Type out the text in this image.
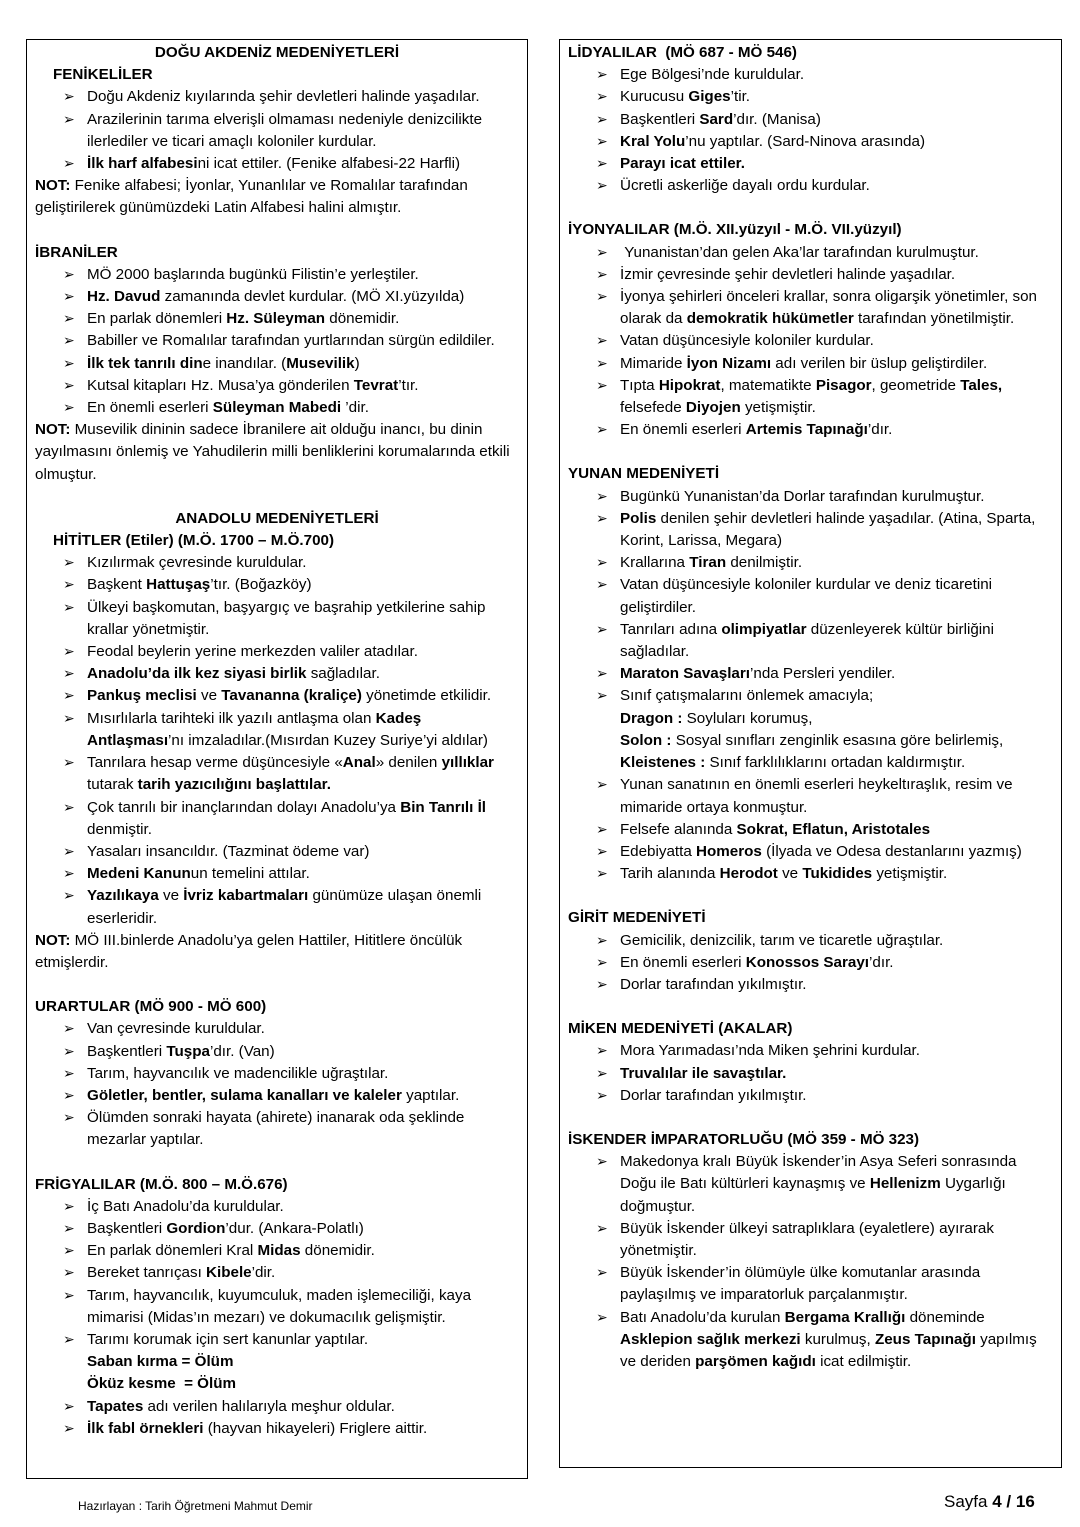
DOĞU AKDENİZ MEDENİYETLERİ
FENİKELİLER
➢ Doğu Akdeniz kıyılarında şehir devletleri halinde yaşadılar.
➢ Arazilerinin tarıma elverişli olmaması nedeniyle denizcilikte ilerlediler ve ticari amaçlı koloniler kurdular.
➢ İlk harf alfabesini icat ettiler. (Fenike alfabesi-22 Harfli)
NOT: Fenike alfabesi; İyonlar, Yunanlılar ve Romalılar tarafından geliştirilerek günümüzdeki Latin Alfabesi halini almıştır.
İBRANİLER
➢ MÖ 2000 başlarında bugünkü Filistin’e yerleştiler.
➢ Hz. Davud zamanında devlet kurdular. (MÖ XI.yüzyılda)
➢ En parlak dönemleri Hz. Süleyman dönemidir.
➢ Babiller ve Romalılar tarafından yurtlarından sürgün edildiler.
➢ İlk tek tanrılı dine inandılar. (Musevilik)
➢ Kutsal kitapları Hz. Musa’ya gönderilen Tevrat’tır.
➢ En önemli eserleri Süleyman Mabedi ’dir.
NOT: Musevilik dininin sadece İbranilere ait olduğu inancı, bu dinin yayılmasını önlemiş ve Yahudilerin milli benliklerini korumalarında etkili olmuştur.
ANADOLU MEDENİYETLERİ
HİTİTLER (Etiler) (M.Ö. 1700 – M.Ö.700)
➢ Kızılırmak çevresinde kuruldular.
➢ Başkent Hattuşaş’tır. (Boğazköy)
➢ Ülkeyi başkomutan, başyargıç ve başrahip yetkilerine sahip krallar yönetmiştir.
➢ Feodal beylerin yerine merkezden valiler atadılar.
➢ Anadolu’da ilk kez siyasi birlik sağladılar.
➢ Pankuş meclisi ve Tavananna (kraliçe) yönetimde etkilidir.
➢ Mısırlılarla tarihteki ilk yazılı antlaşma olan Kadeş Antlaşması’nı imzaladılar.(Mısırdan Kuzey Suriye’yi aldılar)
➢ Tanrılara hesap verme düşüncesiyle «Anal» denilen yıllıklar tutarak tarih yazıcılığını başlattılar.
➢ Çok tanrılı bir inançlarından dolayı Anadolu’ya Bin Tanrılı İl denmiştir.
➢ Yasaları insancıldır. (Tazminat ödeme var)
➢ Medeni Kanunun temelini attılar.
➢ Yazılıkaya ve İvriz kabartmaları günümüze ulaşan önemli eserleridir.
NOT: MÖ III.binlerde Anadolu’ya gelen Hattiler, Hititlere öncülük etmişlerdir.
URARTULAR (MÖ 900 - MÖ 600)
➢ Van çevresinde kuruldular.
➢ Başkentleri Tuşpa’dır. (Van)
➢ Tarım, hayvancılık ve madencilikle uğraştılar.
➢ Göletler, bentler, sulama kanalları ve kaleler yaptılar.
➢ Ölümden sonraki hayata (ahirete) inanarak oda şeklinde mezarlar yaptılar.
FRİGYALILAR (M.Ö. 800 – M.Ö.676)
➢ İç Batı Anadolu’da kuruldular.
➢ Başkentleri Gordion’dur. (Ankara-Polatlı)
➢ En parlak dönemleri Kral Midas dönemidir.
➢ Bereket tanrıçası Kibele’dir.
➢ Tarım, hayvancılık, kuyumculuk, maden işlemeciliği, kaya mimarisi (Midas’ın mezarı) ve dokumacılık gelişmiştir.
➢ Tarımı korumak için sert kanunlar yaptılar.
Saban kırma = Ölüm
Öküz kesme  = Ölüm
➢ Tapates adı verilen halılarıyla meşhur oldular.
➢ İlk fabl örnekleri (hayvan hikayeleri) Friglere aittir.
LİDYALILAR  (MÖ 687 - MÖ 546)
➢ Ege Bölgesi’nde kuruldular.
➢ Kurucusu Giges’tir.
➢ Başkentleri Sard’dır. (Manisa)
➢ Kral Yolu’nu yaptılar. (Sard-Ninova arasında)
➢ Parayı icat ettiler.
➢ Ücretli askerliğe dayalı ordu kurdular.
İYONYALILAR (M.Ö. XII.yüzyıl - M.Ö. VII.yüzyıl)
➢  Yunanistan’dan gelen Aka’lar tarafından kurulmuştur.
➢ İzmir çevresinde şehir devletleri halinde yaşadılar.
➢ İyonya şehirleri önceleri krallar, sonra oligarşik yönetimler, son olarak da demokratik hükümetler tarafından yönetilmiştir.
➢ Vatan düşüncesiyle koloniler kurdular.
➢ Mimaride İyon Nizamı adı verilen bir üslup geliştirdiler.
➢ Tıpta Hipokrat, matematikte Pisagor, geometride Tales, felsefede Diyojen yetişmiştir.
➢ En önemli eserleri Artemis Tapınağı’dır.
YUNAN MEDENİYETİ
➢ Bugünkü Yunanistan’da Dorlar tarafından kurulmuştur.
➢ Polis denilen şehir devletleri halinde yaşadılar. (Atina, Sparta, Korint, Larissa, Megara)
➢ Krallarına Tiran denilmiştir.
➢ Vatan düşüncesiyle koloniler kurdular ve deniz ticaretini geliştirdiler.
➢ Tanrıları adına olimpiyatlar düzenleyerek kültür birliğini sağladılar.
➢ Maraton Savaşları’nda Persleri yendiler.
➢ Sınıf çatışmalarını önlemek amacıyla;
Dragon : Soyluları korumuş,
Solon : Sosyal sınıfları zenginlik esasına göre belirlemiş,
Kleistenes : Sınıf farklılıklarını ortadan kaldırmıştır.
➢ Yunan sanatının en önemli eserleri heykeltıraşlık, resim ve mimaride ortaya konmuştur.
➢ Felsefe alanında Sokrat, Eflatun, Aristotales
➢ Edebiyatta Homeros (İlyada ve Odesa destanlarını yazmış)
➢ Tarih alanında Herodot ve Tukidides yetişmiştir.
GİRİT MEDENİYETİ
➢ Gemicilik, denizcilik, tarım ve ticaretle uğraştılar.
➢ En önemli eserleri Konossos Sarayı’dır.
➢ Dorlar tarafından yıkılmıştır.
MİKEN MEDENİYETİ (AKALAR)
➢ Mora Yarımadası’nda Miken şehrini kurdular.
➢ Truvalılar ile savaştılar.
➢ Dorlar tarafından yıkılmıştır.
İSKENDER İMPARATORLUĞU (MÖ 359 - MÖ 323)
➢ Makedonya kralı Büyük İskender’in Asya Seferi sonrasında Doğu ile Batı kültürleri kaynaşmış ve Hellenizm Uygarlığı doğmuştur.
➢ Büyük İskender ülkeyi satraplıklara (eyaletlere) ayırarak yönetmiştir.
➢ Büyük İskender’in ölümüyle ülke komutanlar arasında paylaşılmış ve imparatorluk parçalanmıştır.
➢ Batı Anadolu’da kurulan Bergama Krallığı döneminde Asklepion sağlık merkezi kurulmuş, Zeus Tapınağı yapılmış ve deriden parşömen kağıdı icat edilmiştir.
Hazırlayan : Tarih Öğretmeni Mahmut Demir	Sayfa 4 / 16
